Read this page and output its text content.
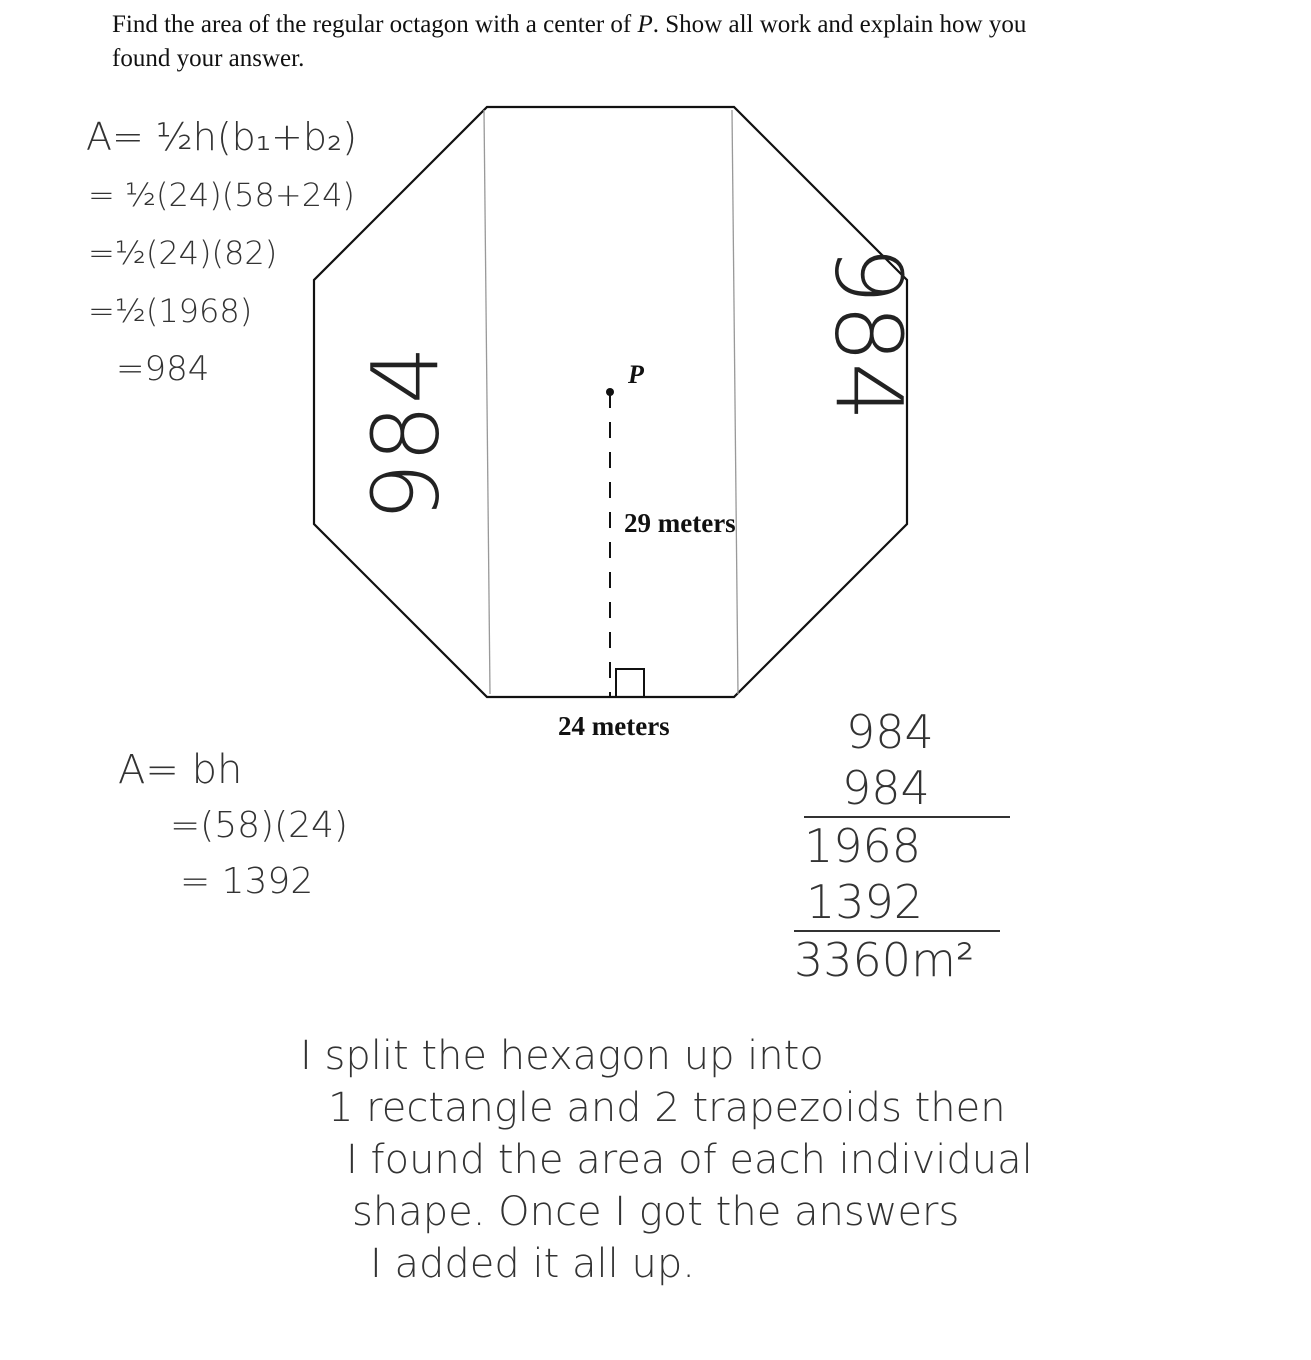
Find the area of the regular octagon with a center of P. Show all work and explain how you
found your answer.
P
29 meters
24 meters
984
984
A= ½h(b₁+b₂)
= ½(24)(58+24)
=½(24)(82)
=½(1968)
=984
A= bh
=(58)(24)
= 1392
984
984
1968
1392
3360m²
I split the hexagon up into
1 rectangle and 2 trapezoids then
I found the area of each individual
shape. Once I got the answers
I added it all up.
